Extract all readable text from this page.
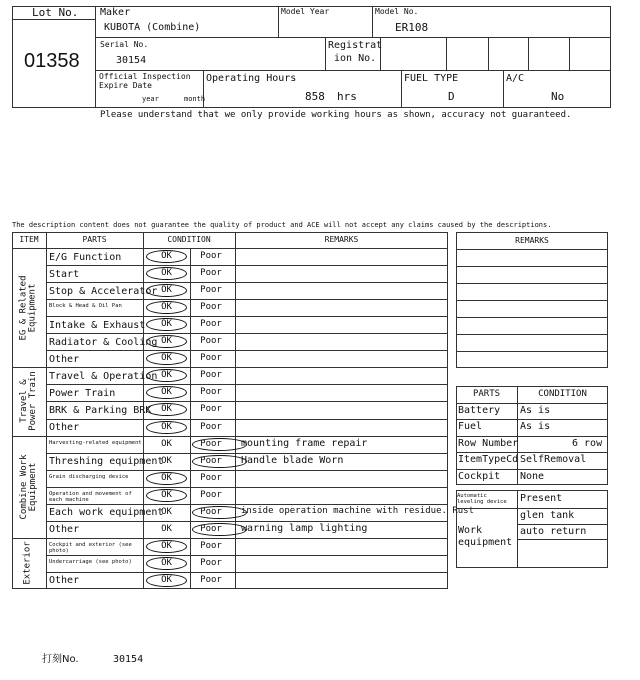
Lot No.
01358
Maker
KUBOTA (Combine)
Model Year	Model No.
ER108
Serial No.
30154
Registrat
ion No.
Official Inspection
Expire Date
year	month
Operating Hours
858 hrs
FUEL TYPE
D
A/C
No
Please understand that we only provide working hours as shown, accuracy not guaranteed.
The description content does not guarantee the quality of product and ACE will not accept any claims caused by the descriptions.
ITEM	PARTS	CONDITION	REMARKS
EG & Related Equipment
E/G Function	OK	Poor
Start	OK	Poor
Stop & Accelerator OK	Poor
Block & Head & Oil Pan	OK	Poor
Intake & Exhaust	OK	Poor
Radiator & Cooling OK	Poor
Other	OK	Poor
Travel & Power Train Travel & Operation OK	Poor
Power Train	OK	Poor
BRK & Parking BRK	OK	Poor
Other	OK	Poor
Combine Work Equipment
Harvesting-related equipment	OK	Poor	mounting frame repair
Threshing equipment
OK	Poor	Handle blade Worn
Grain discharging device	OK	Poor
Operation and movement of each machine
OK	Poor
Each work equipment
OK	Poor	inside operation machine with residue. Rust
Other	OK	Poor	warning lamp lighting
Exterior	Cockpit and exterior (see photo)
OK	Poor
Undercarriage (see photo)	OK	Poor
Other	OK	Poor
REMARKS
PARTS	CONDITION
Battery As is
Fuel	As is
Row Number	6 row
ItemTypeCd SelfRemoval
Cockpit None
Automatic leveling device	Present
Work equipment
glen tank
auto return
打刻No.	30154
